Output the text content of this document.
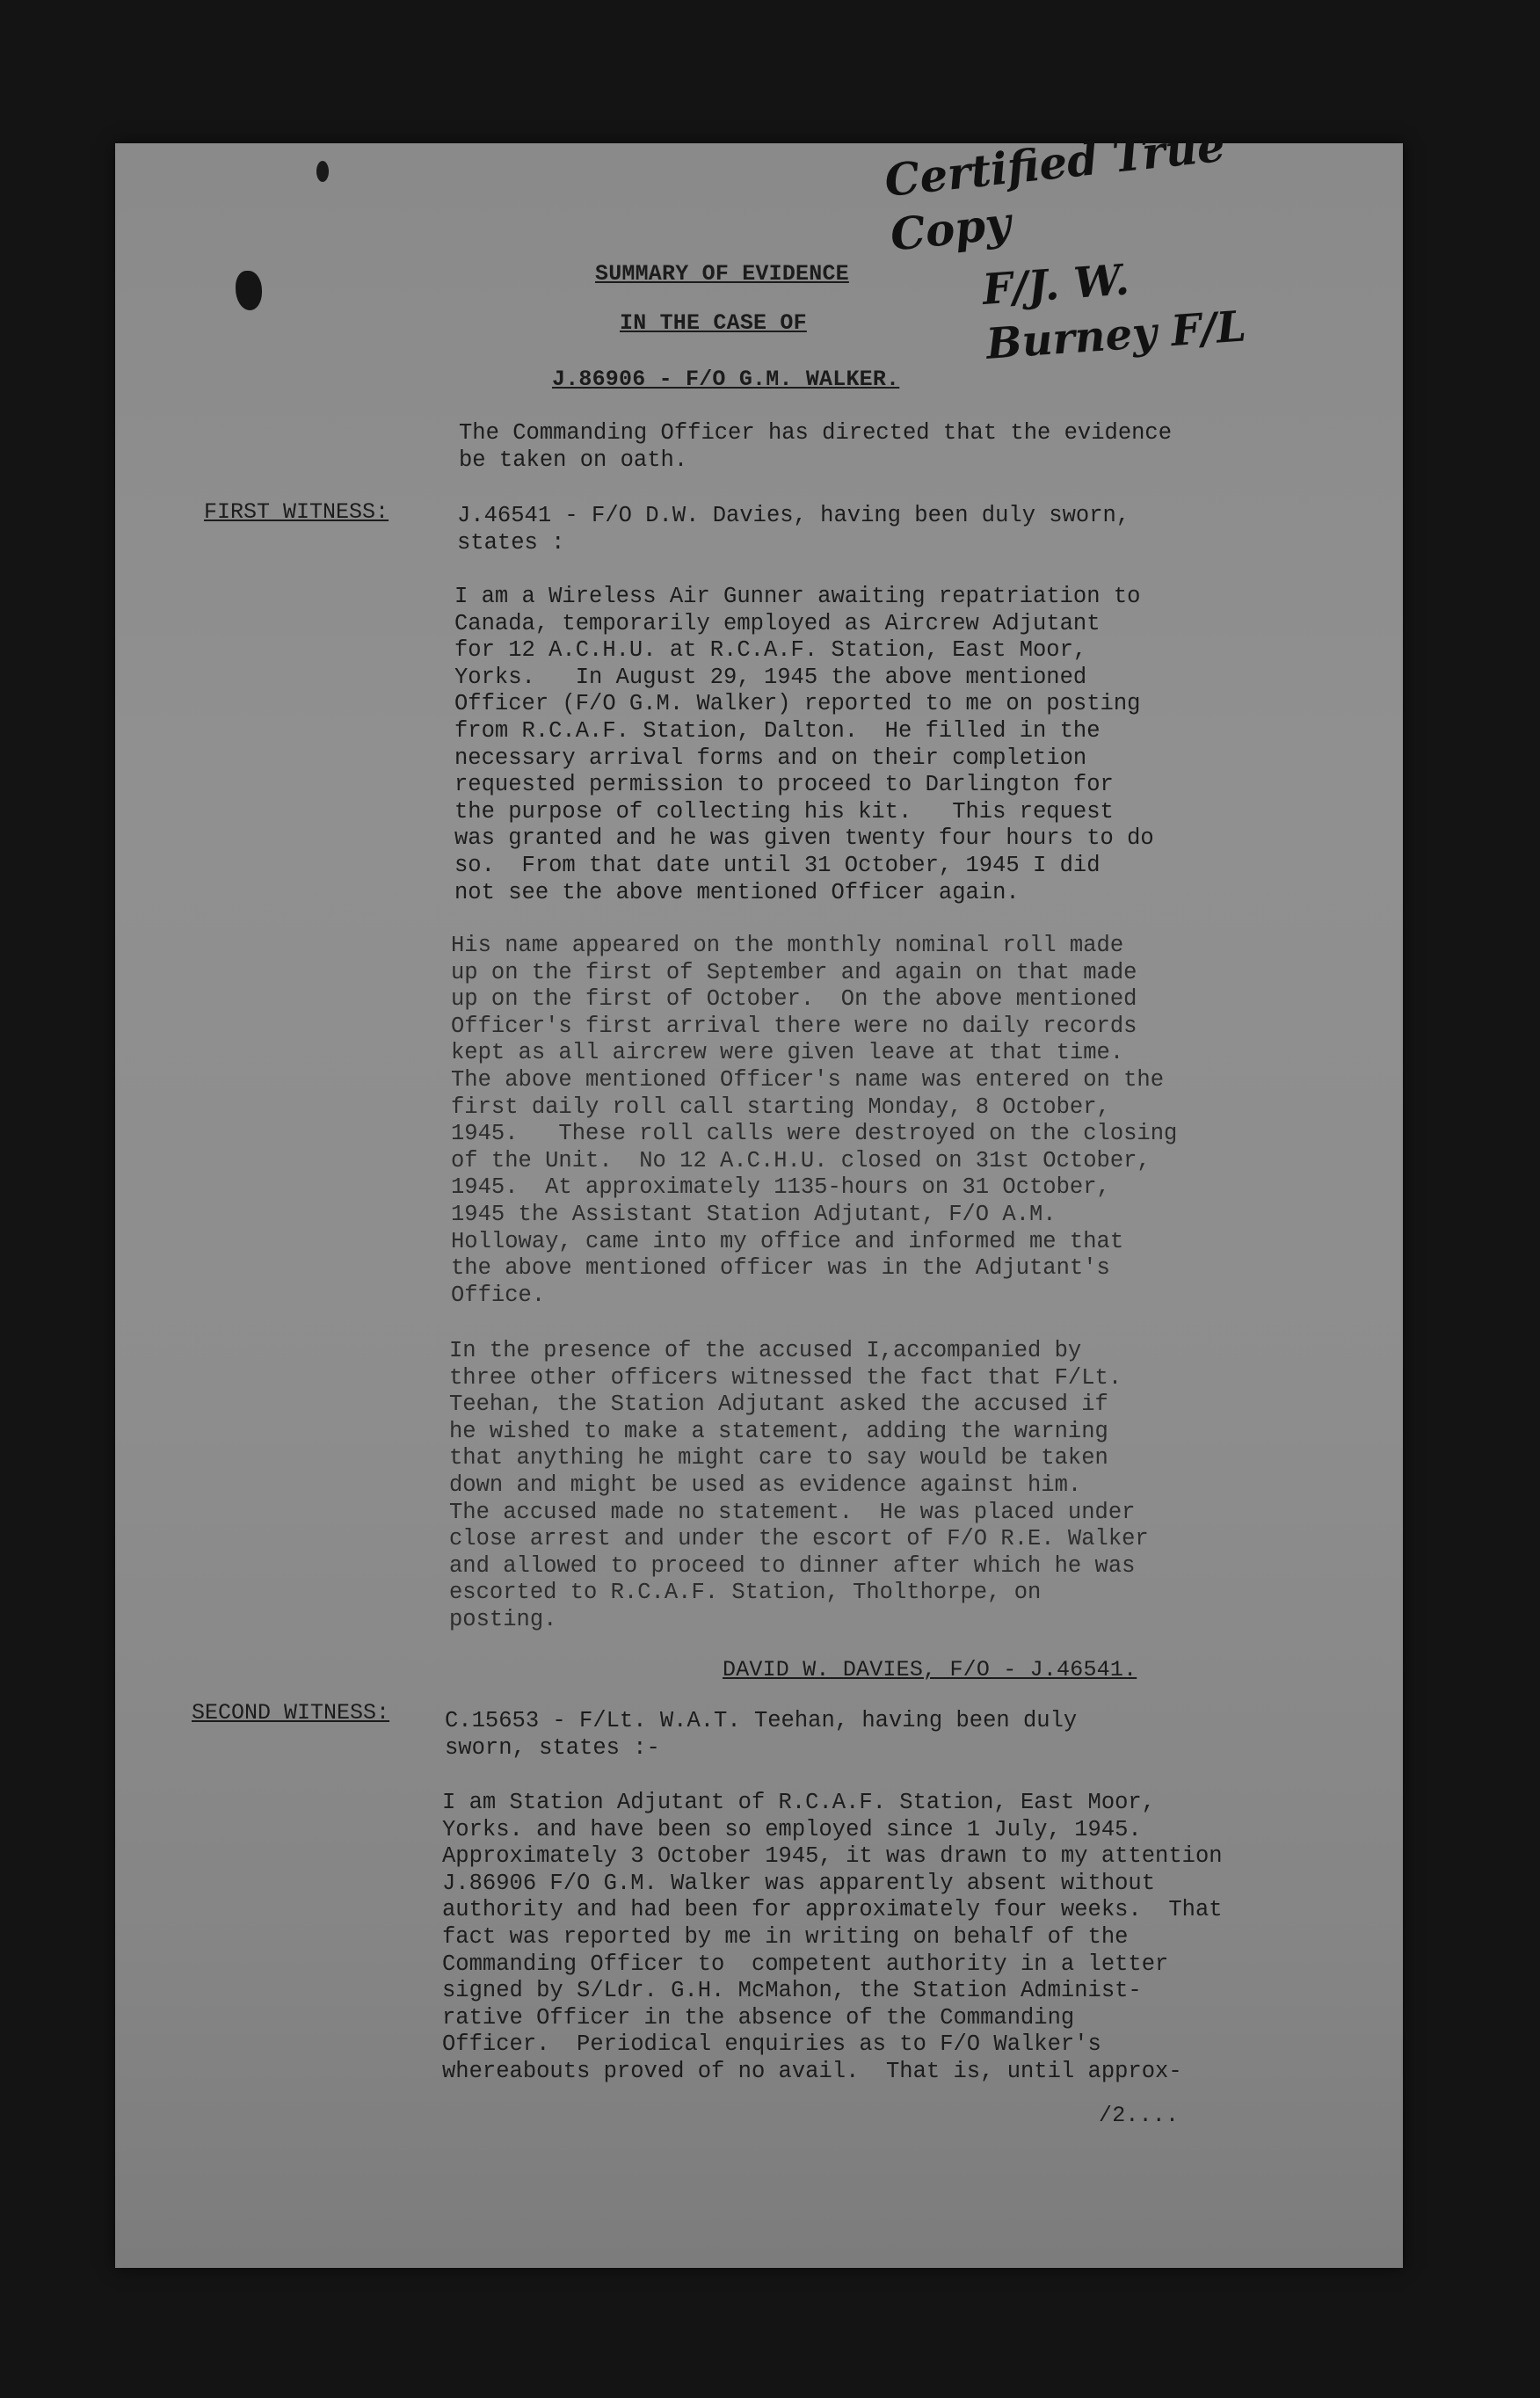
Certified True Copy
F/J. W. Burney F/L
SUMMARY OF EVIDENCE
IN THE CASE OF
J.86906 - F/O G.M. WALKER.
The Commanding Officer has directed that the evidence
be taken on oath.
FIRST WITNESS:	J.46541 - F/O D.W. Davies, having been duly sworn,
states :
I am a Wireless Air Gunner awaiting repatriation to
Canada, temporarily employed as Aircrew Adjutant
for 12 A.C.H.U. at R.C.A.F. Station, East Moor,
Yorks.   In August 29, 1945 the above mentioned
Officer (F/O G.M. Walker) reported to me on posting
from R.C.A.F. Station, Dalton.  He filled in the
necessary arrival forms and on their completion
requested permission to proceed to Darlington for
the purpose of collecting his kit.   This request
was granted and he was given twenty four hours to do
so.  From that date until 31 October, 1945 I did
not see the above mentioned Officer again.
His name appeared on the monthly nominal roll made
up on the first of September and again on that made
up on the first of October.  On the above mentioned
Officer's first arrival there were no daily records
kept as all aircrew were given leave at that time.
The above mentioned Officer's name was entered on the
first daily roll call starting Monday, 8 October,
1945.   These roll calls were destroyed on the closing
of the Unit.  No 12 A.C.H.U. closed on 31st October,
1945.  At approximately 1135-hours on 31 October,
1945 the Assistant Station Adjutant, F/O A.M.
Holloway, came into my office and informed me that
the above mentioned officer was in the Adjutant's
Office.
In the presence of the accused I,accompanied by
three other officers witnessed the fact that F/Lt.
Teehan, the Station Adjutant asked the accused if
he wished to make a statement, adding the warning
that anything he might care to say would be taken
down and might be used as evidence against him.
The accused made no statement.  He was placed under
close arrest and under the escort of F/O R.E. Walker
and allowed to proceed to dinner after which he was
escorted to R.C.A.F. Station, Tholthorpe, on
posting.
DAVID W. DAVIES, F/O - J.46541.
SECOND WITNESS: C.15653 - F/Lt. W.A.T. Teehan, having been duly
sworn, states :-
I am Station Adjutant of R.C.A.F. Station, East Moor,
Yorks. and have been so employed since 1 July, 1945.
Approximately 3 October 1945, it was drawn to my attention
J.86906 F/O G.M. Walker was apparently absent without
authority and had been for approximately four weeks.  That
fact was reported by me in writing on behalf of the
Commanding Officer to  competent authority in a letter
signed by S/Ldr. G.H. McMahon, the Station Administ-
rative Officer in the absence of the Commanding
Officer.  Periodical enquiries as to F/O Walker's
whereabouts proved of no avail.  That is, until approx-
/2....
